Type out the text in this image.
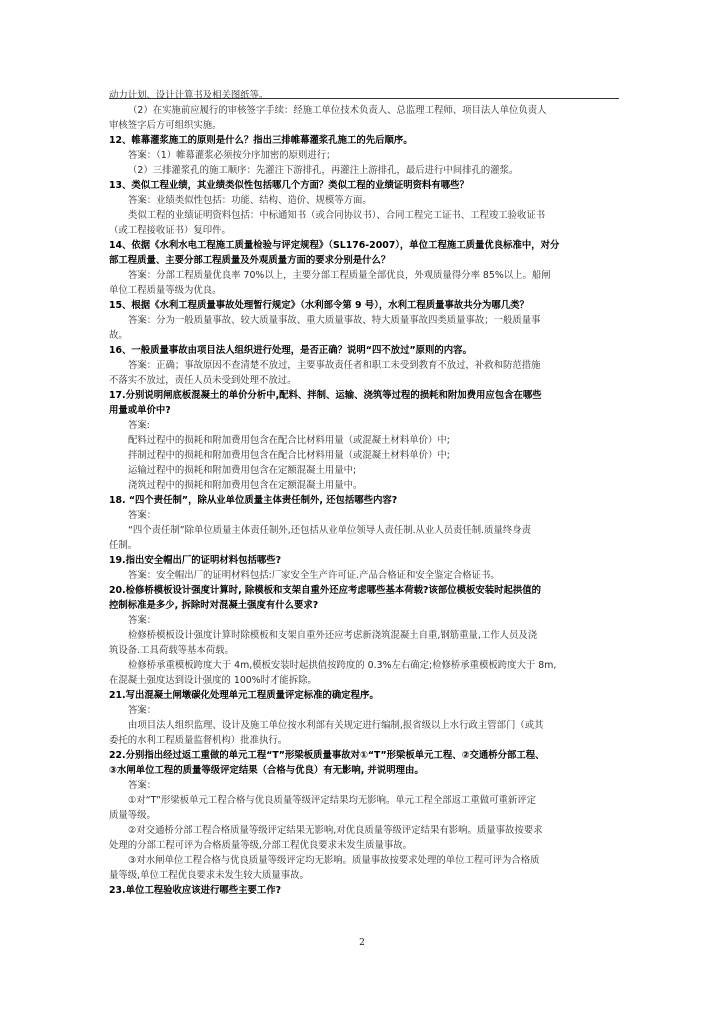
动力计划、设计计算书及相关图纸等。
（2）在实施前应履行的审核签字手续：经施工单位技术负责人、总监理工程师、项目法人单位负责人
审核签字后方可组织实施。
12、帷幕灌浆施工的原则是什么？指出三排帷幕灌浆孔施工的先后顺序。
答案：（1）帷幕灌浆必须按分序加密的原则进行；
（2）三排灌浆孔的施工顺序：先灌注下游排孔，再灌注上游排孔，最后进行中间排孔的灌浆。
13、类似工程业绩，其业绩类似性包括哪几个方面？类似工程的业绩证明资料有哪些？
答案：业绩类似性包括：功能、结构、造价、规模等方面。
类似工程的业绩证明资料包括：中标通知书（或合同协议书）、合同工程完工证书、工程竣工验收证书
（或工程接收证书）复印件。
14、依据《水利水电工程施工质量检验与评定规程》（SL176-2007），单位工程施工质量优良标准中，对分
部工程质量、主要分部工程质量及外观质量方面的要求分别是什么？
答案：分部工程质量优良率 70%以上，主要分部工程质量全部优良，外观质量得分率 85%以上。船闸
单位工程质量等级为优良。
15、根据《水利工程质量事故处理暂行规定》（水利部令第 9 号），水利工程质量事故共分为哪几类？
答案：分为一般质量事故、较大质量事故、重大质量事故、特大质量事故四类质量事故；一般质量事
故。
16、一般质量事故由项目法人组织进行处理，是否正确？说明“四不放过”原则的内容。
答案：正确；事故原因不查清楚不放过，主要事故责任者和职工未受到教育不放过，补救和防范措施
不落实不放过，责任人员未受到处理不放过。
17.分别说明闸底板混凝土的单价分析中,配料、拌制、运输、浇筑等过程的损耗和附加费用应包含在哪些
用量或单价中?
答案:
配料过程中的损耗和附加费用包含在配合比材料用量（或混凝土材料单价）中;
拌制过程中的损耗和附加费用包含在配合比材料用量（或混凝土材料单价）中;
运输过程中的损耗和附加费用包含在定额混凝土用量中;
浇筑过程中的损耗和附加费用包含在定额混凝土用量中。
18. “四个责任制”，除从业单位质量主体责任制外, 还包括哪些内容?
答案：
“四个责任制”除单位质量主体责任制外,还包括从业单位领导人责任制.从业人员责任制.质量终身责
任制。
19.指出安全帽出厂的证明材料包括哪些?
答案：安全帽出厂的证明材料包括:厂家安全生产许可证.产品合格证和安全鉴定合格证书。
20.检修桥模板设计强度计算时, 除模板和支架自重外还应考虑哪些基本荷载?该部位模板安装时起拱值的
控制标准是多少, 拆除时对混凝土强度有什么要求?
答案：
检修桥模板设计强度计算时除模板和支架自重外还应考虑新浇筑混凝土自重,钢筋重量,工作人员及浇
筑设备.工具荷载等基本荷载。
检修桥承重模板跨度大于 4m,模板安装时起拱值按跨度的 0.3%左右确定;检修桥承重模板跨度大于 8m,
在混凝土强度达到设计强度的 100%时才能拆除。
21.写出混凝土闸墩碳化处理单元工程质量评定标准的确定程序。
答案：
由项目法人组织监理、设计及施工单位按水利部有关规定进行编制,报省级以上水行政主管部门（或其
委托的水利工程质量监督机构）批准执行。
22.分别指出经过返工重做的单元工程“T”形梁板质量事故对①“T”形梁板单元工程、②交通桥分部工程、
③水闸单位工程的质量等级评定结果（合格与优良）有无影响, 并说明理由。
答案：
①对“T”形梁板单元工程合格与优良质量等级评定结果均无影响。单元工程全部返工重做可重新评定
质量等级。
②对交通桥分部工程合格质量等级评定结果无影响,对优良质量等级评定结果有影响。质量事故按要求
处理的分部工程可评为合格质量等级,分部工程优良要求未发生质量事故。
③对水闸单位工程合格与优良质量等级评定均无影响。质量事故按要求处理的单位工程可评为合格质
量等级,单位工程优良要求未发生较大质量事故。
23.单位工程验收应该进行哪些主要工作?
2
